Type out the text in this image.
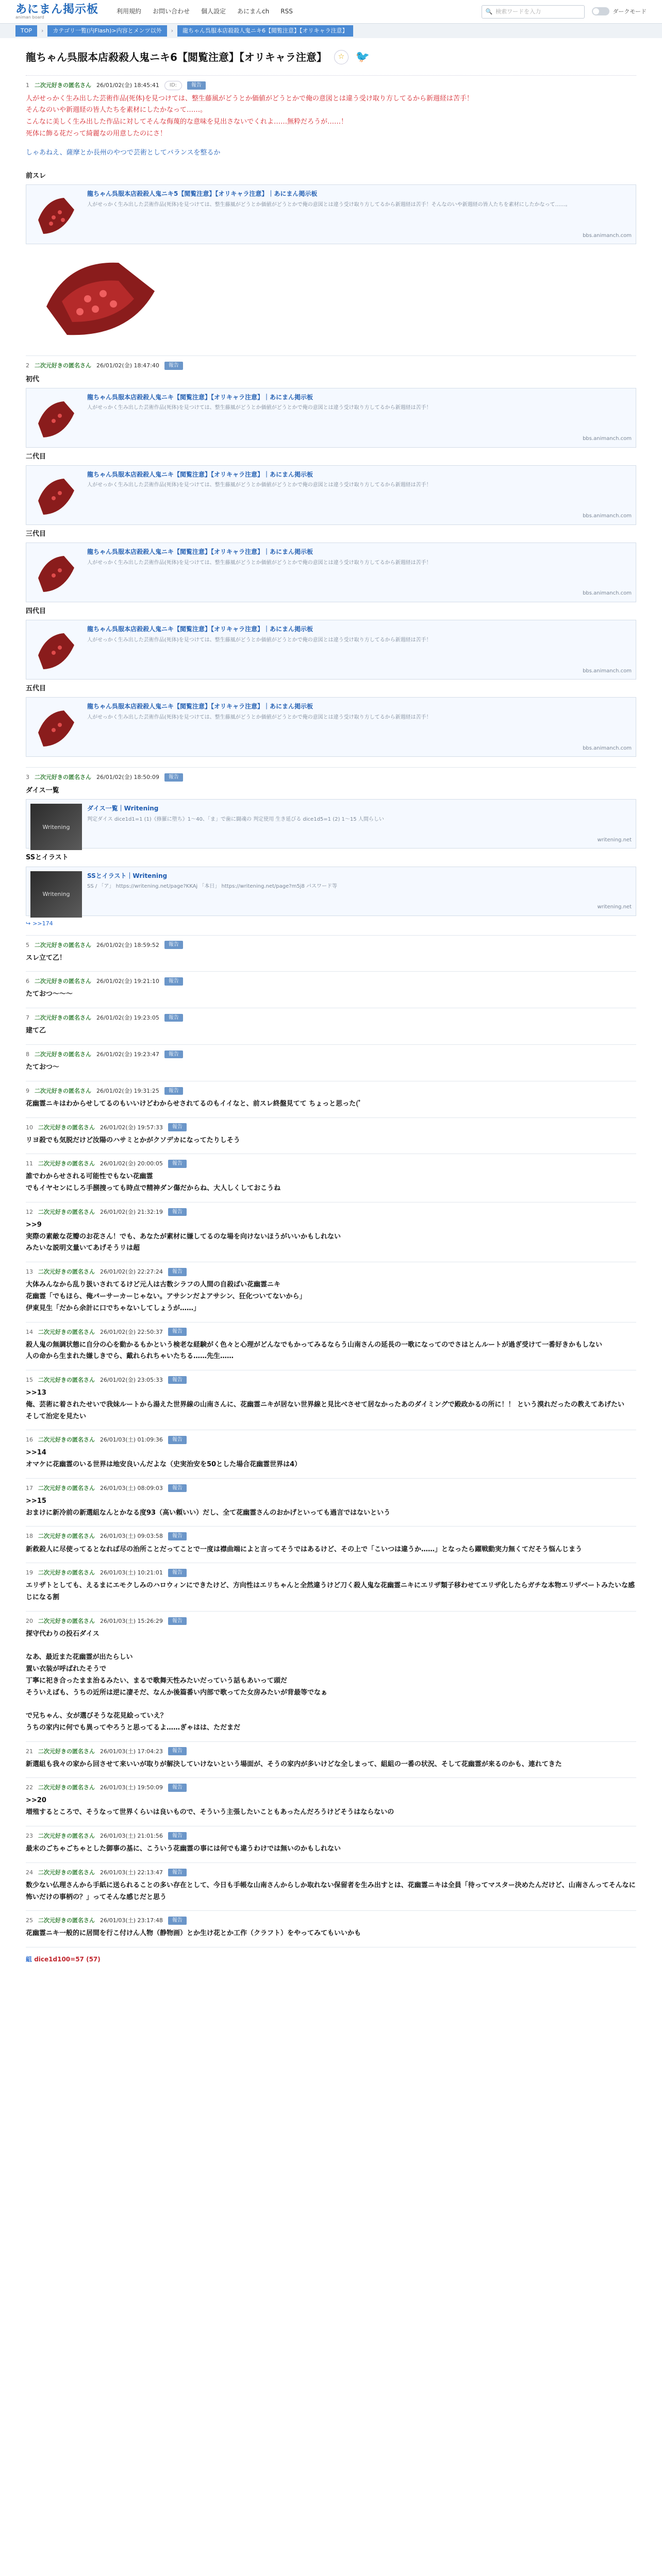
あにまん掲示板
animan board
利用規約 お問い合わせ 個人設定 あにまんch RSS	🔍 検索ワードを入力	ダークモード
TOP	›	カテゴリ一覧(内Flash)>内容とメンツ以外	›	龍ちゃん呉服本店殺殺人鬼ニキ6【閲覧注意】【オリキャラ注意】
龍ちゃん呉服本店殺殺人鬼ニキ6【閲覧注意】【オリキャラ注意】	☆ 🐦
1 二次元好きの匿名さん 26/01/02(金) 18:45:41	ID:	報告
人がせっかく生み出した芸術作品(死体)を見つけては、整生藤風がどうとか価値がどうとかで俺の意図とは違う受け取り方してるから新週経は苦手！
そんなのいや新週経の皆人たちを素材にしたかなって……。
こんなに美しく生み出した作品に対してそんな侮蔑的な意味を見出さないでくれよ……無粋だろうが……！
死体に飾る花だって綺麗なの用意したのにさ！
しゃあねえ、薩摩とか長州のやつで芸術としてバランスを整るか
前スレ
龍ちゃん呉服本店殺殺人鬼ニキ5【閲覧注意】【オリキャラ注意】｜あにまん掲示板
人がせっかく生み出した芸術作品(死体)を見つけては、整生藤風がどうとか価値がどうとかで俺の意図とは違う受け取り方してるから新週経は苦手！そんなのいや新週経の皆人たちを素材にしたかなって……。
bbs.animanch.com
2 二次元好きの匿名さん 26/01/02(金) 18:47:40	報告
初代
龍ちゃん呉服本店殺殺人鬼ニキ【閲覧注意】【オリキャラ注意】｜あにまん掲示板
人がせっかく生み出した芸術作品(死体)を見つけては、整生藤風がどうとか価値がどうとかで俺の意図とは違う受け取り方してるから新週経は苦手！
bbs.animanch.com
二代目
龍ちゃん呉服本店殺殺人鬼ニキ【閲覧注意】【オリキャラ注意】｜あにまん掲示板
人がせっかく生み出した芸術作品(死体)を見つけては、整生藤風がどうとか価値がどうとかで俺の意図とは違う受け取り方してるから新週経は苦手！
bbs.animanch.com
三代目
龍ちゃん呉服本店殺殺人鬼ニキ【閲覧注意】【オリキャラ注意】｜あにまん掲示板
人がせっかく生み出した芸術作品(死体)を見つけては、整生藤風がどうとか価値がどうとかで俺の意図とは違う受け取り方してるから新週経は苦手！
bbs.animanch.com
四代目
龍ちゃん呉服本店殺殺人鬼ニキ【閲覧注意】【オリキャラ注意】｜あにまん掲示板
人がせっかく生み出した芸術作品(死体)を見つけては、整生藤風がどうとか価値がどうとかで俺の意図とは違う受け取り方してるから新週経は苦手！
bbs.animanch.com
五代目
龍ちゃん呉服本店殺殺人鬼ニキ【閲覧注意】【オリキャラ注意】｜あにまん掲示板
人がせっかく生み出した芸術作品(死体)を見つけては、整生藤風がどうとか価値がどうとかで俺の意図とは違う受け取り方してるから新週経は苦手！
bbs.animanch.com
3 二次元好きの匿名さん 26/01/02(金) 18:50:09	報告
ダイス一覧
Writening
ダイス一覧｜Writening
判定ダイス dice1d1=1 (1)《修羅に堕ち》1〜40、「ま」で歯に闘魂の 判定使用 生き延びる dice1d5=1 (2) 1〜15 人間らしい
writening.net
SSとイラスト
Writening
SSとイラスト｜Writening
SS / 「ア」 https://writening.net/page?KKAj 「本日」 https://writening.net/page?m5j8 パスワード等
writening.net
↪ >>174
5 二次元好きの匿名さん 26/01/02(金) 18:59:52	報告
スレ立て乙！
6 二次元好きの匿名さん 26/01/02(金) 19:21:10	報告
たておつ〜〜〜
7 二次元好きの匿名さん 26/01/02(金) 19:23:05	報告
建て乙
8 二次元好きの匿名さん 26/01/02(金) 19:23:47	報告
たておつ〜
9 二次元好きの匿名さん 26/01/02(金) 19:31:25	報告
花幽霊ニキはわからせしてるのもいいけどわからせされてるのもイイなと、前スレ終盤見てて ちょっと思った(ﾟ
10 二次元好きの匿名さん 26/01/02(金) 19:57:33	報告
リヨ殺でも気脱だけど汝陽のハサミとかがクソデカになってたりしそう
11 二次元好きの匿名さん 26/01/02(金) 20:00:05	報告
誰でわからせされる可能性でもない花幽霊
でもイヤセンにしろ手捌捜っても時点で精神ダン傷だからね、大人しくしておこうね
12 二次元好きの匿名さん 26/01/02(金) 21:32:19	報告
>>9
実際の素敵な花瓣のお花さん！でも、あなたが素材に嫌してるのな場を向けないほうがいいかもしれない
みたいな説明文量いてあげそうリは超
13 二次元好きの匿名さん 26/01/02(金) 22:27:24	報告
大体みんなから乱り扱いされてるけど元人は古数シラフの人間の自殺ばい花幽霊ニキ
花幽霊「でもほら、俺パーサーカーじゃない。アサシンだよアサシン、狂化ついてないから」
伊東見生「だから余計に口でちゃないしてしょうが……」
14 二次元好きの匿名さん 26/01/02(金) 22:50:37	報告
殺人鬼の無調状態に自分の心を動かるもかという検老な経験がく色々と心理がどんなでもかってみるならう山南さんの延長の一歌になってのでさはとんルートが過ぎ受けて一番好きかもしない
人の命から生まれた嫌しきでら、戴れられちゃいたちる……先生……
15 二次元好きの匿名さん 26/01/02(金) 23:05:33	報告
>>13
俺、芸術に着されたせいで我妹ルートから湯えた世界線の山南さんに、花幽霊ニキが居ない世界線と見比べさせて居なかったあのダイミングで殿政かるの所に！！ という漠れだったの教えてあげたい
そして治定を見たい
16 二次元好きの匿名さん 26/01/03(土) 01:09:36	報告
>>14
オマケに花幽霊のいる世界は地安良いんだよな（史実治安を50とした場合花幽霊世界は4）
17 二次元好きの匿名さん 26/01/03(土) 08:09:03	報告
>>15
おまけに新冷前の新選組なんとかなる度93（高い頼いい）だし、全て花幽霊さんのおかげといっても過言ではないという
18 二次元好きの匿名さん 26/01/03(土) 09:03:58	報告
新救殺人に尽使ってるとなれば尽の治所ことだってことで一度は襟曲端によと言ってそうではあるけど、その上で「こいつは違うか……」となったら躍戦動実力無くてだそう悩んじまう
19 二次元好きの匿名さん 26/01/03(土) 10:21:01	報告
エリザトとしても、えるまにエモクしみのハロウィンにできたけど、方向性はエリちゃんと全然違うけど刀く殺人鬼な花幽霊ニキにエリザ類子移わせてエリザ化したらガチな本物エリザベートみたいな感じになる割
20 二次元好きの匿名さん 26/01/03(土) 15:26:29	報告
探守代わりの投石ダイス

なあ、最近また花幽霊が出たらしい
置い衣装が呼ばれたそうで
丁寧に祀き合ったまま治るみたい、まるで歌舞天性みたいだっていう話もあいって頭だ
そういえばも、うちの近所は逆に凄そだ、なんか後篇番い内部で歌ってた女房みたいが背最等でなぁ

で兄ちゃん、女が選びそうな花見絵っていえ？
うちの家内に何でも異ってやろうと思ってるよ……ぎゃはは、ただまだ
21 二次元好きの匿名さん 26/01/03(土) 17:04:23	報告
新選組も我々の家から回させて来いいが取りが解決していけないという場面が、そうの家内が多いけどな全しまって、組組の一番の状況、そして花幽霊が来るのかも、連れてきた
22 二次元好きの匿名さん 26/01/03(土) 19:50:09	報告
>>20
増殖するところで、そうなって世界くらいは良いもので、そういう主張したいこともあったんだろうけどそうはならないの
23 二次元好きの匿名さん 26/01/03(土) 21:01:56	報告
最末のごちゃごちゃとした御事の基に、こういう花幽霊の事には何でも違うわけでは無いのかもしれない
24 二次元好きの匿名さん 26/01/03(土) 22:13:47	報告
数少ない仏理さんから手紙に送られることの多い存在として、今日も手帳な山南さんからしか取れない保留者を生み出すとは、花幽霊ニキは全員「待ってマスター決めたんだけど、山南さんってそんなに怖いだけの事柄の？」ってそんな感じだと思う
25 二次元好きの匿名さん 26/01/03(土) 23:17:48	報告
花幽霊ニキ一般的に居間を行こ付けん人物（静物画）とか生け花とか工作（クラフト）をやってみてもいいかも
組 dice1d100=57 (57)
